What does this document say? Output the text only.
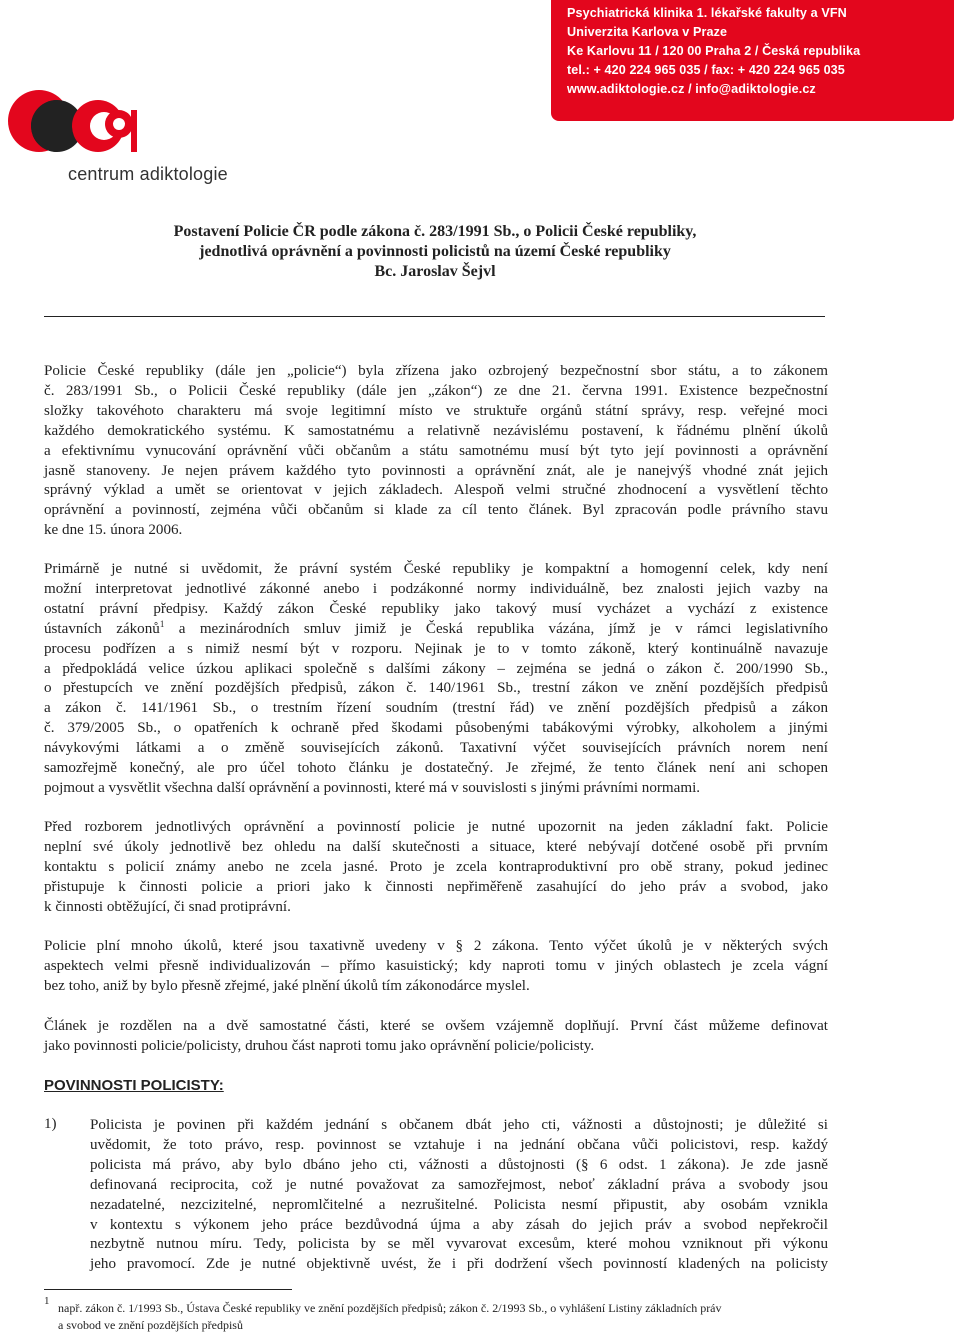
Psychiatrická klinika 1. lékařské fakulty a VFN
Univerzita Karlova v Praze
Ke Karlovu 11 / 120 00 Praha 2 / Česká republika
tel.: + 420 224 965 035 / fax: + 420 224 965 035
www.adiktologie.cz / info@adiktologie.cz
centrum adiktologie
Postavení Policie ČR podle zákona č. 283/1991 Sb., o Policii České republiky,
jednotlivá oprávnění a povinnosti policistů na území České republiky
Bc. Jaroslav Šejvl
Policie České republiky (dále jen „policie“) byla zřízena jako ozbrojený bezpečnostní sbor státu, a to zákonem
č. 283/1991 Sb., o Policii České republiky (dále jen „zákon“) ze dne 21. června 1991. Existence bezpečnostní
složky takovéhoto charakteru má svoje legitimní místo ve struktuře orgánů státní správy, resp. veřejné moci
každého demokratického systému. K samostatnému a relativně nezávislému postavení, k řádnému plnění úkolů
a efektivnímu vynucování oprávnění vůči občanům a státu samotnému musí být tyto její povinnosti a oprávnění
jasně stanoveny. Je nejen právem každého tyto povinnosti a oprávnění znát, ale je nanejvýš vhodné znát jejich
správný výklad a umět se orientovat v jejich základech. Alespoň velmi stručné zhodnocení a vysvětlení těchto
oprávnění a povinností, zejména vůči občanům si klade za cíl tento článek. Byl zpracován podle právního stavu
ke dne 15. února 2006.
Primárně je nutné si uvědomit, že právní systém České republiky je kompaktní a homogenní celek, kdy není
možní interpretovat jednotlivé zákonné anebo i podzákonné normy individuálně, bez znalosti jejich vazby na
ostatní právní předpisy. Každý zákon České republiky jako takový musí vycházet a vychází z existence
ústavních zákonů$^1$ a mezinárodních smluv jimiž je Česká republika vázána, jímž je v rámci legislativního
procesu podřízen a s nimiž nesmí být v rozporu. Nejinak je to v tomto zákoně, který kontinuálně navazuje
a předpokládá velice úzkou aplikaci společně s dalšími zákony – zejména se jedná o zákon č. 200/1990 Sb.,
o přestupcích ve znění pozdějších předpisů, zákon č. 140/1961 Sb., trestní zákon ve znění pozdějších předpisů
a zákon č. 141/1961 Sb., o trestním řízení soudním (trestní řád) ve znění pozdějších předpisů a zákon
č. 379/2005 Sb., o opatřeních k ochraně před škodami působenými tabákovými výrobky, alkoholem a jinými
návykovými látkami a o změně souvisejících zákonů. Taxativní výčet souvisejících právních norem není
samozřejmě konečný, ale pro účel tohoto článku je dostatečný. Je zřejmé, že tento článek není ani schopen
pojmout a vysvětlit všechna další oprávnění a povinnosti, které má v souvislosti s jinými právními normami.
Před rozborem jednotlivých oprávnění a povinností policie je nutné upozornit na jeden základní fakt. Policie
neplní své úkoly jednotlivě bez ohledu na další skutečnosti a situace, které nebývají dotčené osobě při prvním
kontaktu s policií známy anebo ne zcela jasné. Proto je zcela kontraproduktivní pro obě strany, pokud jedinec
přistupuje k činnosti policie a priori jako k činnosti nepřiměřeně zasahující do jeho práv a svobod, jako
k činnosti obtěžující, či snad protiprávní.
Policie plní mnoho úkolů, které jsou taxativně uvedeny v § 2 zákona. Tento výčet úkolů je v některých svých
aspektech velmi přesně individualizován – přímo kasuistický; kdy naproti tomu v jiných oblastech je zcela vágní
bez toho, aniž by bylo přesně zřejmé, jaké plnění úkolů tím zákonodárce myslel.
Článek je rozdělen na a dvě samostatné části, které se ovšem vzájemně doplňují. První část můžeme definovat
jako povinnosti policie/policisty, druhou část naproti tomu jako oprávnění policie/policisty.
POVINNOSTI POLICISTY:
1) Policista je povinen při každém jednání s občanem dbát jeho cti, vážnosti a důstojnosti; je důležité si
uvědomit, že toto právo, resp. povinnost se vztahuje i na jednání občana vůči policistovi, resp. každý
policista má právo, aby bylo dbáno jeho cti, vážnosti a důstojnosti (§ 6 odst. 1 zákona). Je zde jasně
definovaná reciprocita, což je nutné považovat za samozřejmost, neboť základní práva a svobody jsou
nezadatelné, nezcizitelné, nepromlčitelné a nezrušitelné. Policista nesmí připustit, aby osobám vznikla
v kontextu s výkonem jeho práce bezdůvodná újma a aby zásah do jejich práv a svobod nepřekročil
nezbytně nutnou míru. Tedy, policista by se měl vyvarovat excesům, které mohou vzniknout při výkonu
jeho pravomocí. Zde je nutné objektivně uvést, že i při dodržení všech povinností kladených na policisty
1 např. zákon č. 1/1993 Sb., Ústava České republiky ve znění pozdějších předpisů; zákon č. 2/1993 Sb., o vyhlášení Listiny základních práv
a svobod ve znění pozdějších předpisů
